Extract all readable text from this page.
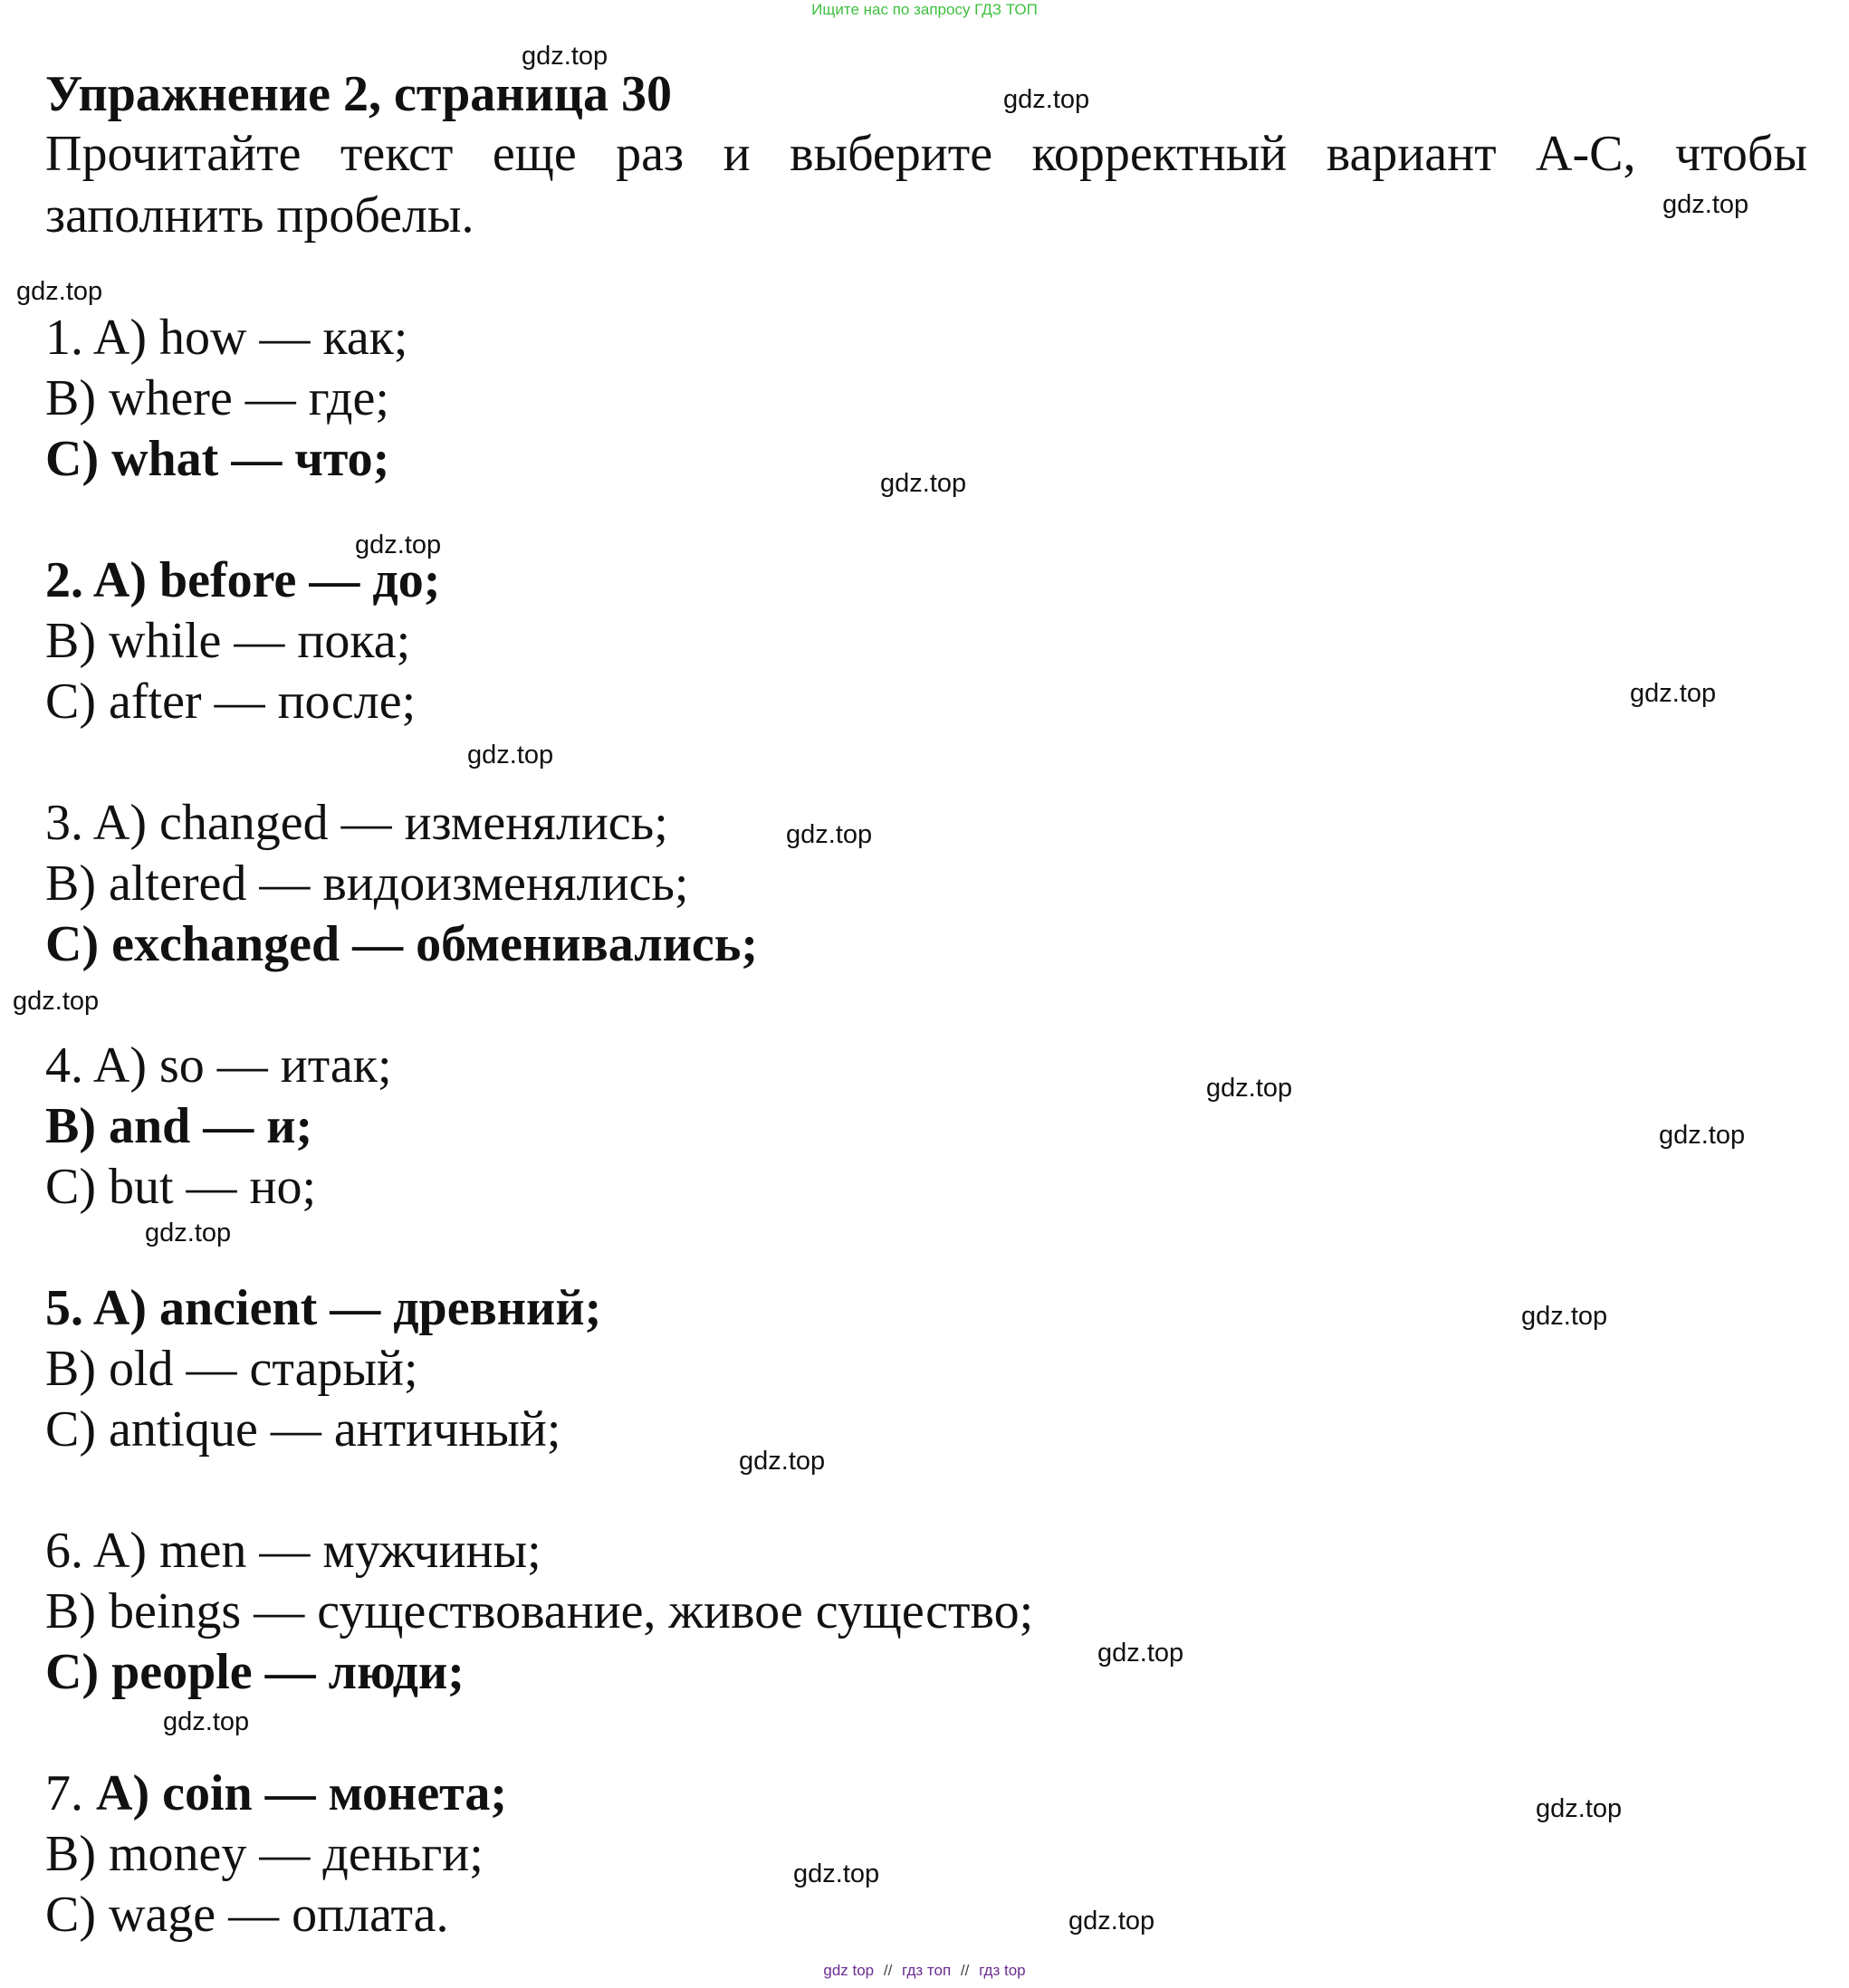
Ищите нас по запросу ГДЗ ТОП
Упражнение 2, страница 30
Прочитайте текст еще раз и выберите корректный вариант A-C, чтобы
заполнить пробелы.
1. A) how — как;
B) where — где;
C) what — что;
2. A) before — до;
B) while — пока;
C) after — после;
3. A) changed — изменялись;
B) altered — видоизменялись;
C) exchanged — обменивались;
4. A) so — итак;
B) and — и;
C) but — но;
5. A) ancient — древний;
B) old — старый;
C) antique — античный;
6. A) men — мужчины;
B) beings — существование, живое существо;
C) people — люди;
7. A) coin — монета;
B) money — деньги;
C) wage — оплата.
gdz.top
gdz.top
gdz.top
gdz.top
gdz.top
gdz.top
gdz.top
gdz.top
gdz.top
gdz.top
gdz.top
gdz.top
gdz.top
gdz.top
gdz.top
gdz.top
gdz.top
gdz.top
gdz.top
gdz.top
gdz top // гдз топ // гдз top
